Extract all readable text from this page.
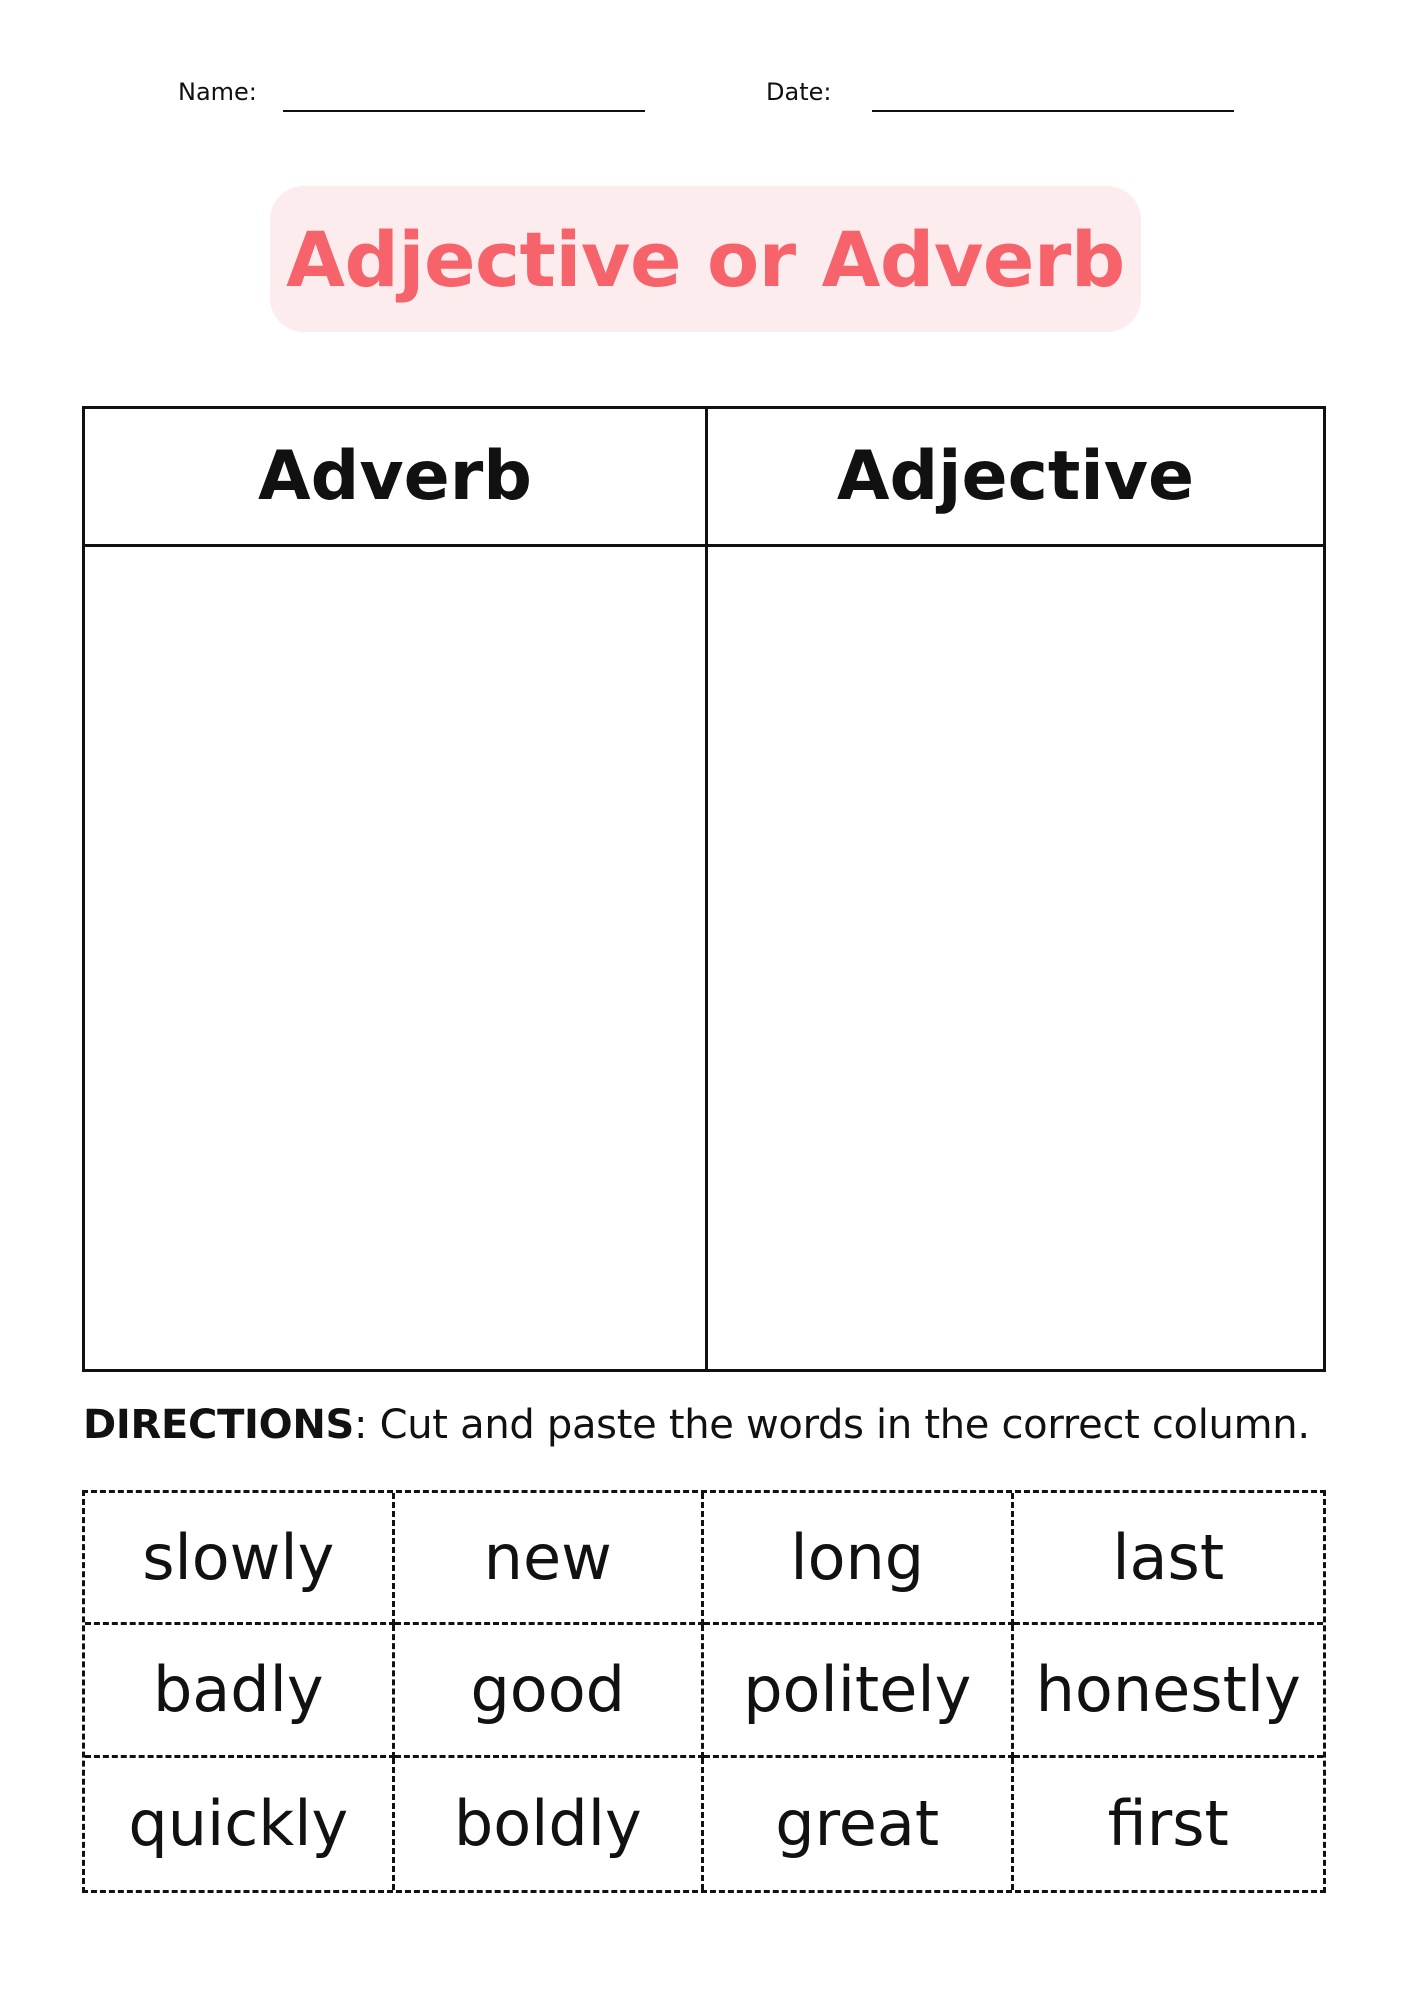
Name:	Date:
Adjective or Adverb
Adverb	Adjective
DIRECTIONS: Cut and paste the words in the correct column.
slowly	new	long	last
badly	good	politely	honestly
quickly	boldly	great	first
